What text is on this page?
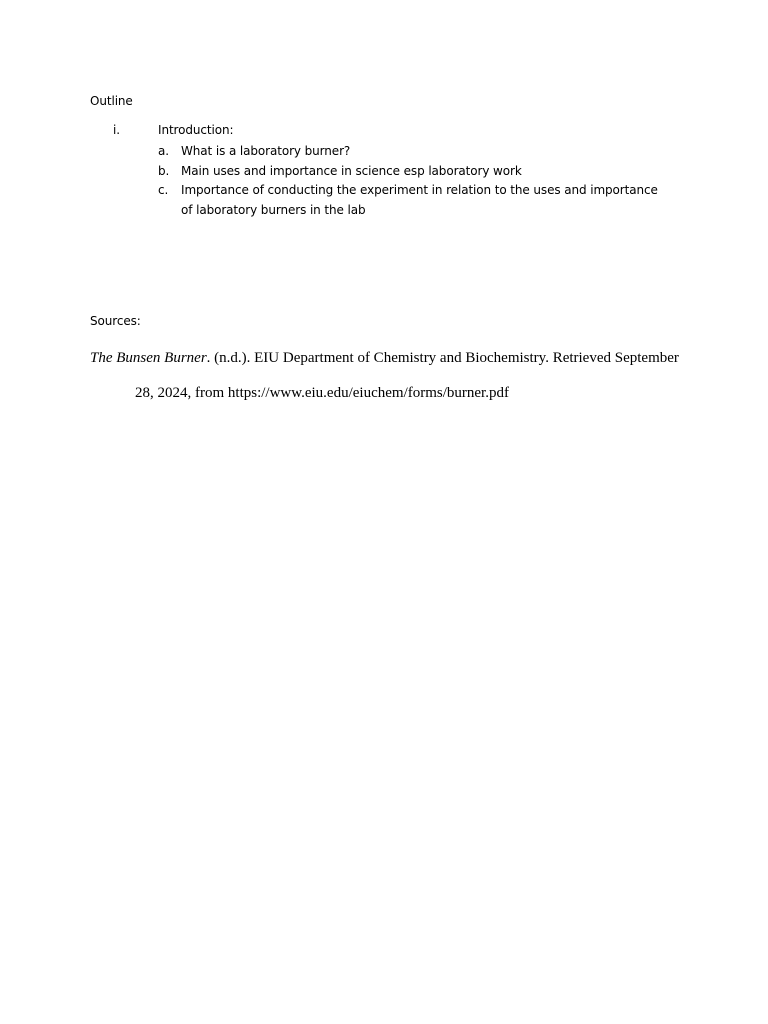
Outline

i.	Introduction:
a. What is a laboratory burner?
b. Main uses and importance in science esp laboratory work
c. Importance of conducting the experiment in relation to the uses and importance of laboratory burners in the lab

Sources:

The Bunsen Burner. (n.d.). EIU Department of Chemistry and Biochemistry. Retrieved September 28, 2024, from https://www.eiu.edu/eiuchem/forms/burner.pdf
